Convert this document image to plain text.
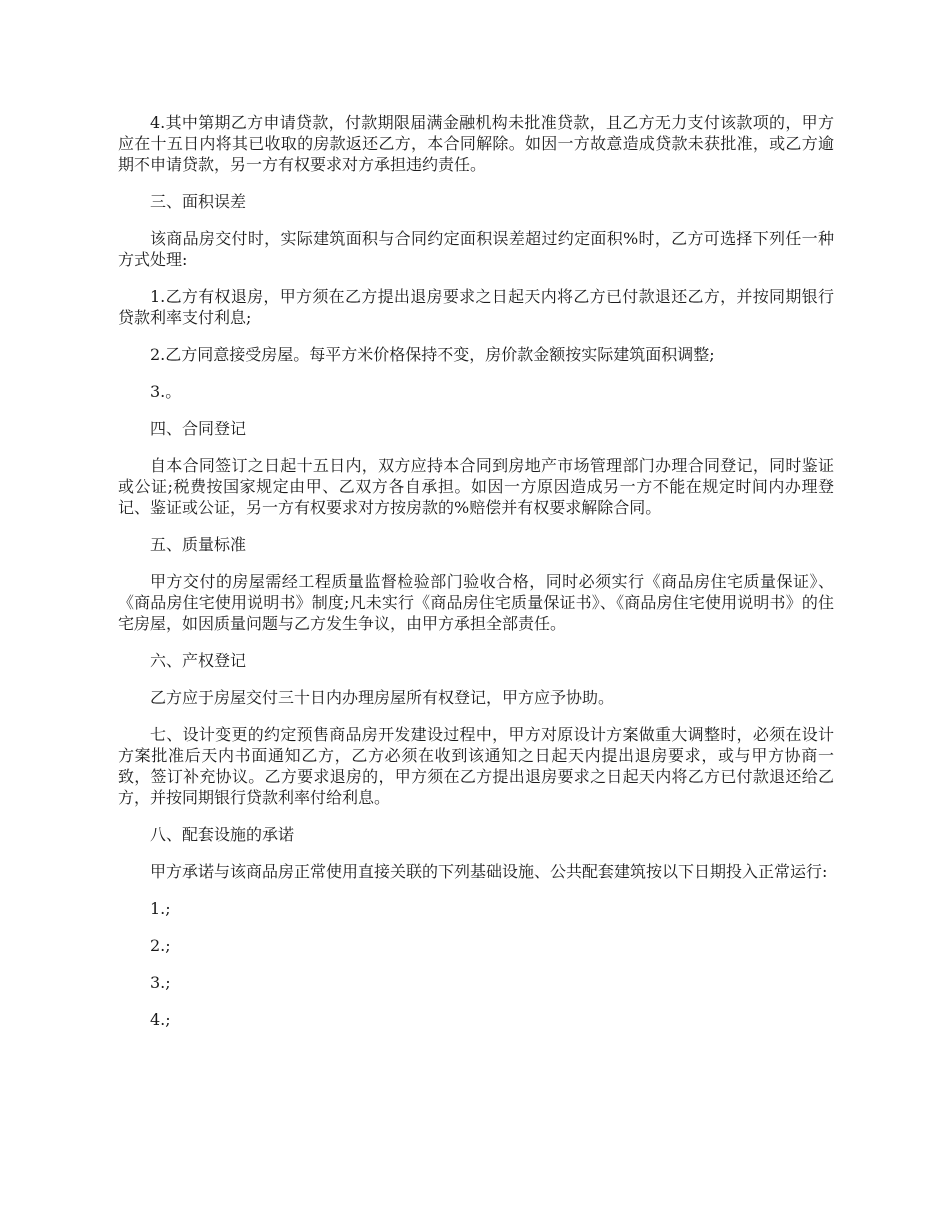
4.其中第期乙方申请贷款，付款期限届满金融机构未批准贷款，且乙方无力支付该款项的，甲方应在十五日内将其已收取的房款返还乙方，本合同解除。如因一方故意造成贷款未获批准，或乙方逾期不申请贷款，另一方有权要求对方承担违约责任。

三、面积误差

该商品房交付时，实际建筑面积与合同约定面积误差超过约定面积%时，乙方可选择下列任一种方式处理:

1.乙方有权退房，甲方须在乙方提出退房要求之日起天内将乙方已付款退还乙方，并按同期银行贷款利率支付利息;

2.乙方同意接受房屋。每平方米价格保持不变，房价款金额按实际建筑面积调整;

3.。

四、合同登记

自本合同签订之日起十五日内，双方应持本合同到房地产市场管理部门办理合同登记，同时鉴证或公证;税费按国家规定由甲、乙双方各自承担。如因一方原因造成另一方不能在规定时间内办理登记、鉴证或公证，另一方有权要求对方按房款的%赔偿并有权要求解除合同。

五、质量标准

甲方交付的房屋需经工程质量监督检验部门验收合格，同时必须实行《商品房住宅质量保证》、《商品房住宅使用说明书》制度;凡未实行《商品房住宅质量保证书》、《商品房住宅使用说明书》的住宅房屋，如因质量问题与乙方发生争议，由甲方承担全部责任。

六、产权登记

乙方应于房屋交付三十日内办理房屋所有权登记，甲方应予协助。

七、设计变更的约定预售商品房开发建设过程中，甲方对原设计方案做重大调整时，必须在设计方案批准后天内书面通知乙方，乙方必须在收到该通知之日起天内提出退房要求，或与甲方协商一致，签订补充协议。乙方要求退房的，甲方须在乙方提出退房要求之日起天内将乙方已付款退还给乙方，并按同期银行贷款利率付给利息。

八、配套设施的承诺

甲方承诺与该商品房正常使用直接关联的下列基础设施、公共配套建筑按以下日期投入正常运行:

1.;

2.;

3.;

4.;
